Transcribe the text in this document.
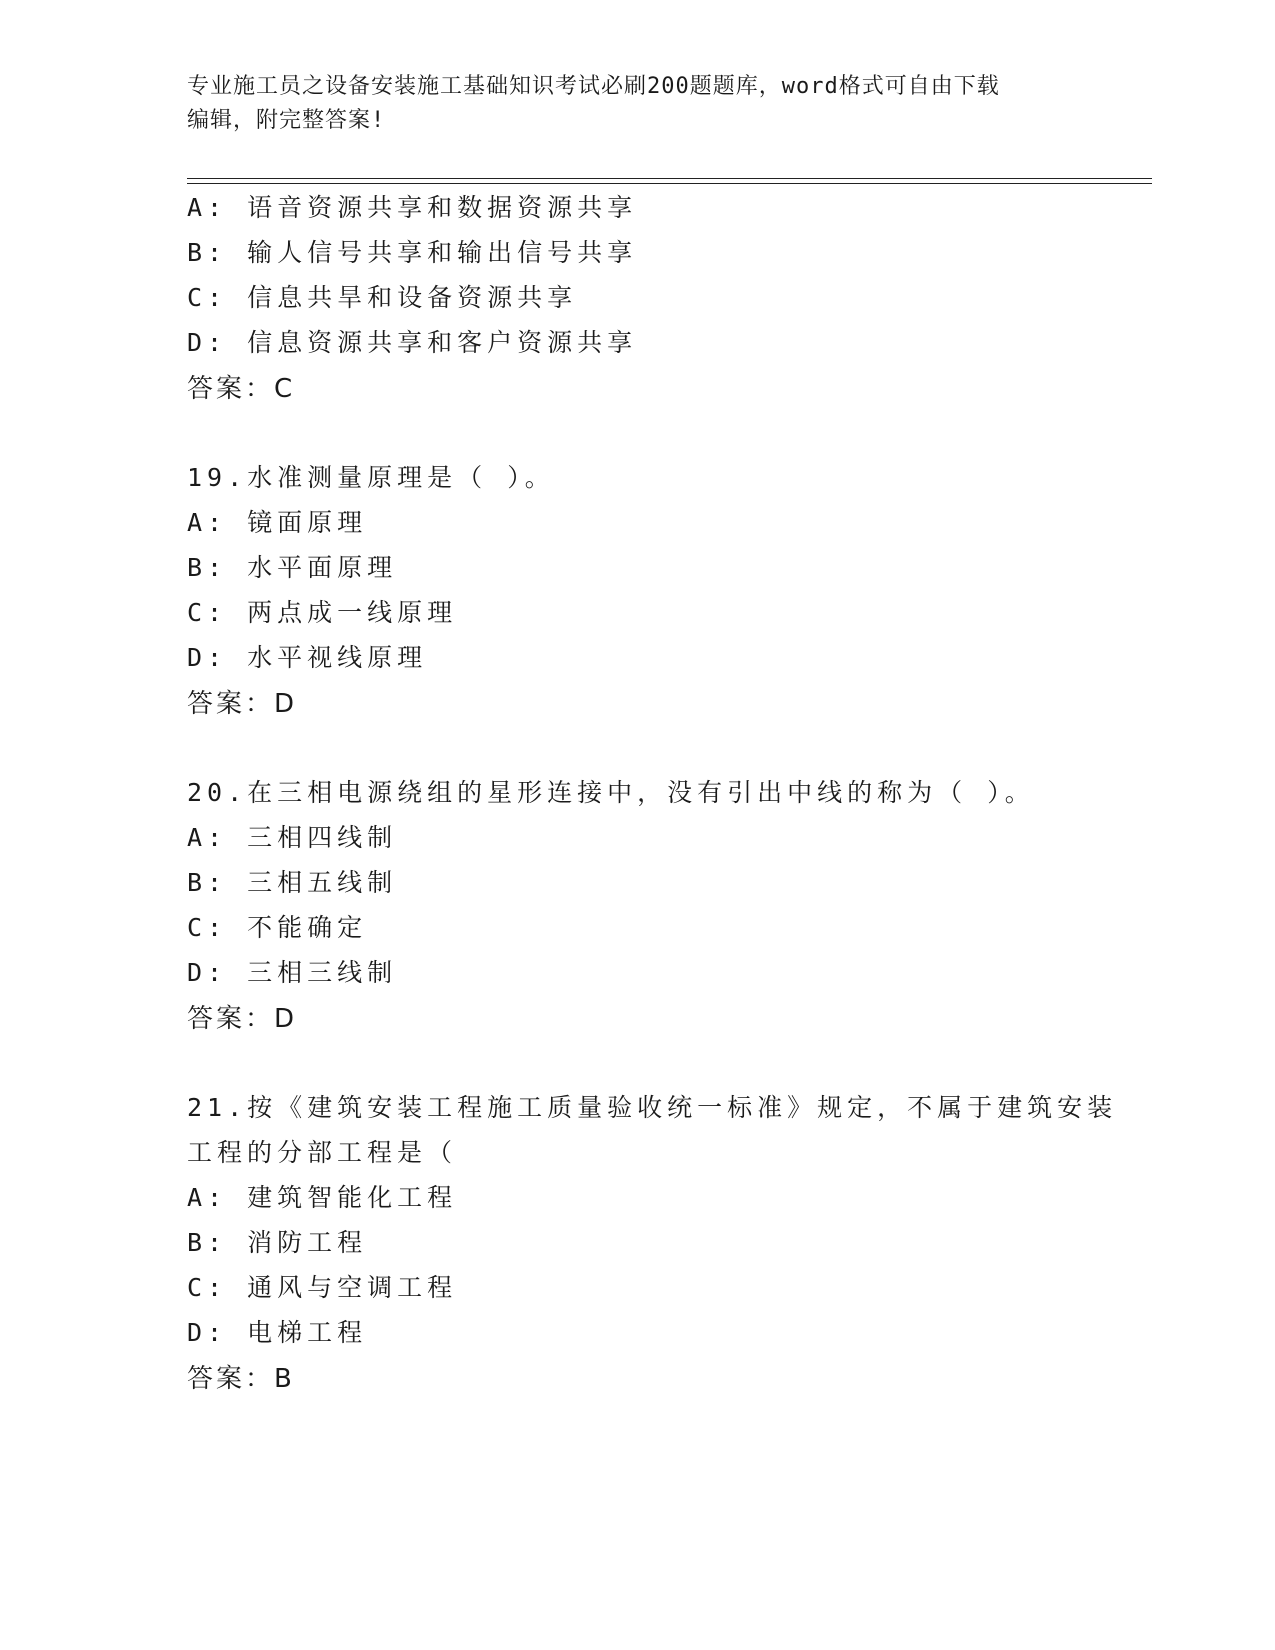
专业施工员之设备安装施工基础知识考试必刷200题题库，word格式可自由下载
编辑，附完整答案!
A: 语音资源共享和数据资源共享
B: 输人信号共享和输出信号共享
C: 信息共旱和设备资源共享
D: 信息资源共享和客户资源共享
答案：C
19.水准测量原理是（ ）。
A: 镜面原理
B: 水平面原理
C: 两点成一线原理
D: 水平视线原理
答案：D
20.在三相电源绕组的星形连接中，没有引出中线的称为（ ）。
A: 三相四线制
B: 三相五线制
C: 不能确定
D: 三相三线制
答案：D
21.按《建筑安装工程施工质量验收统一标准》规定，不属于建筑安装
工程的分部工程是（
A: 建筑智能化工程
B: 消防工程
C: 通风与空调工程
D: 电梯工程
答案：B
